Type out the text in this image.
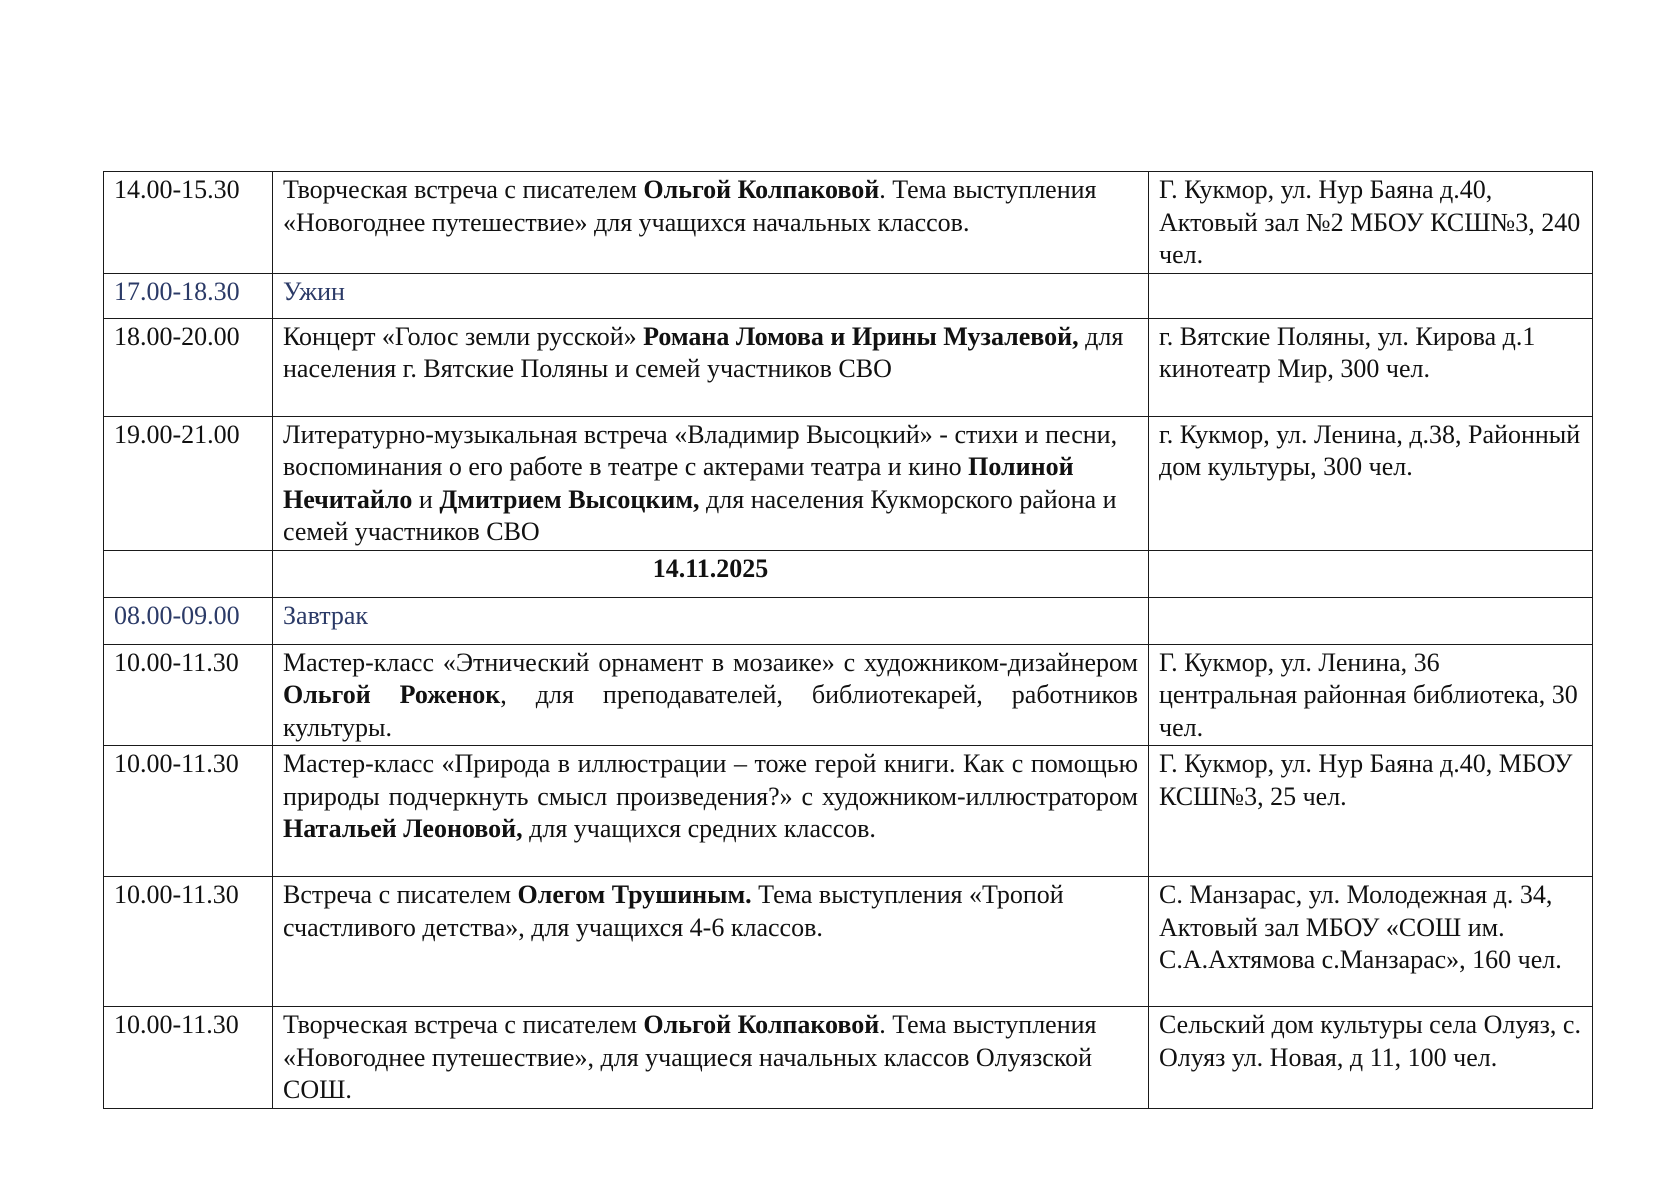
14.00-15.30	Творческая встреча с писателем Ольгой Колпаковой. Тема выступления «Новогоднее путешествие» для учащихся начальных классов.	Г. Кукмор, ул. Нур Баяна д.40, Актовый зал №2 МБОУ КСШ№3, 240 чел.
17.00-18.30	Ужин	
18.00-20.00	Концерт «Голос земли русской» Романа Ломова и Ирины Музалевой, для населения г. Вятские Поляны и семей участников СВО	г. Вятские Поляны, ул. Кирова д.1 кинотеатр Мир, 300 чел.
19.00-21.00	Литературно-музыкальная встреча «Владимир Высоцкий» - стихи и песни, воспоминания о его работе в театре с актерами театра и кино Полиной Нечитайло и Дмитрием Высоцким, для населения Кукморского района и семей участников СВО	г. Кукмор, ул. Ленина, д.38, Районный дом культуры, 300 чел.
	14.11.2025	
08.00-09.00	Завтрак	
10.00-11.30	Мастер-класс «Этнический орнамент в мозаике» с художником-дизайнером Ольгой Роженок, для преподавателей, библиотекарей, работников культуры.	Г. Кукмор, ул. Ленина, 36 центральная районная библиотека, 30 чел.
10.00-11.30	Мастер-класс «Природа в иллюстрации – тоже герой книги. Как с помощью природы подчеркнуть смысл произведения?» с художником-иллюстратором Натальей Леоновой, для учащихся средних классов.	Г. Кукмор, ул. Нур Баяна д.40, МБОУ КСШ№3, 25 чел.
10.00-11.30	Встреча с писателем Олегом Трушиным. Тема выступления «Тропой счастливого детства», для учащихся 4-6 классов.	С. Манзарас, ул. Молодежная д. 34, Актовый зал МБОУ «СОШ им. С.А.Ахтямова с.Манзарас», 160 чел.
10.00-11.30	Творческая встреча с писателем Ольгой Колпаковой. Тема выступления «Новогоднее путешествие», для учащиеся начальных классов Олуязской СОШ.	Сельский дом культуры села Олуяз, с. Олуяз ул. Новая, д 11, 100 чел.
